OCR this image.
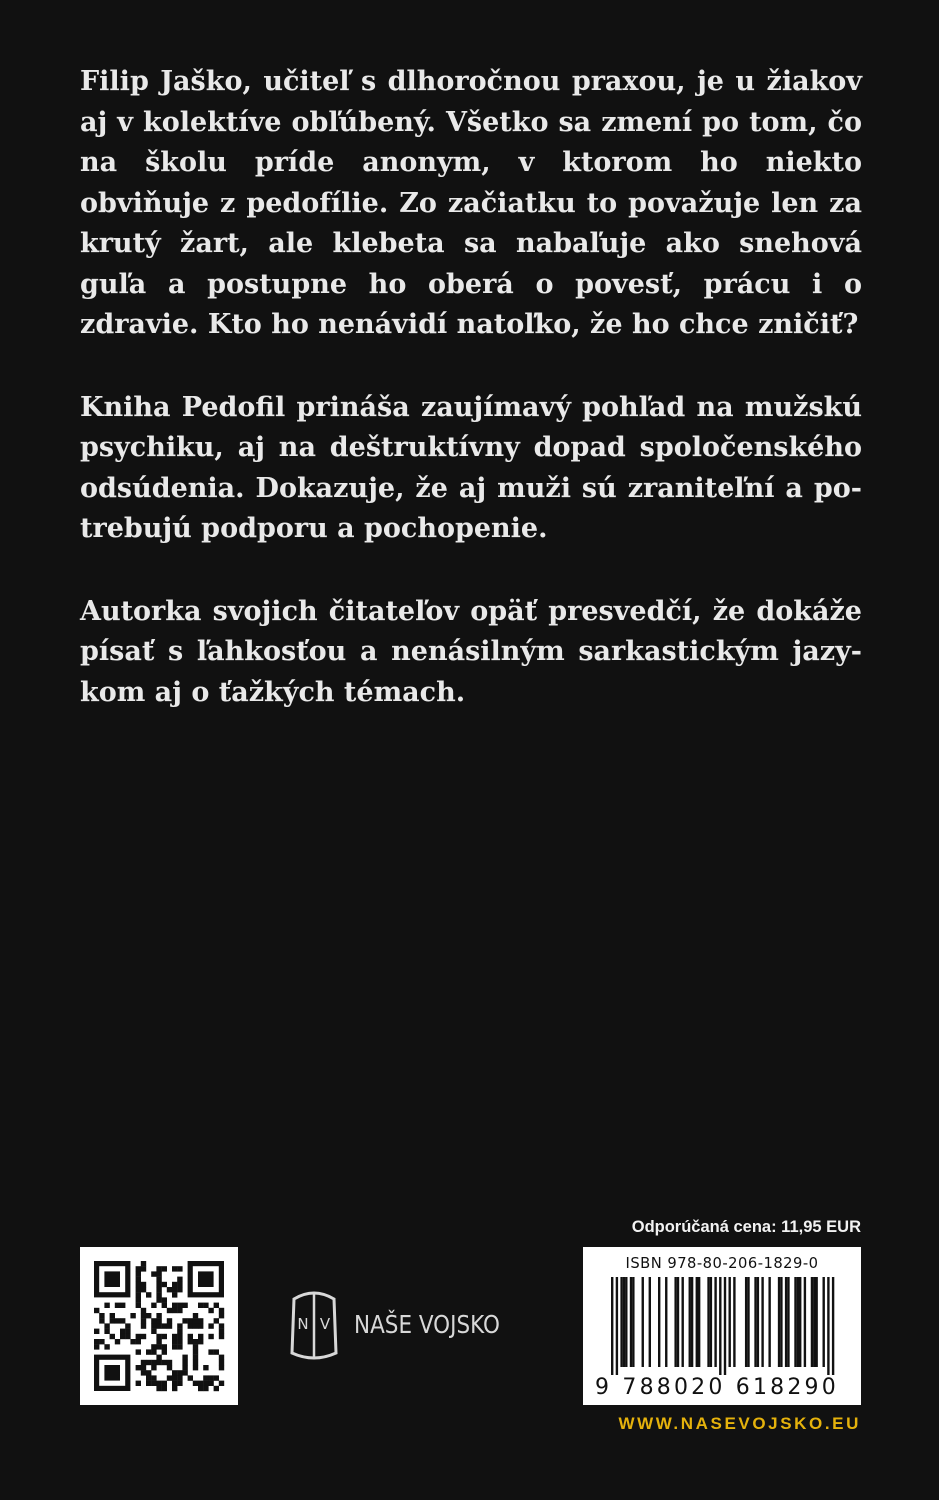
Filip Jaško, učiteľ s dlhoročnou praxou, je u žiakov aj v kolektíve obľúbený. Všetko sa zmení po tom, čo na školu príde anonym, v ktorom ho niekto obviňuje z pedofílie. Zo začiatku to považuje len za krutý žart, ale klebeta sa nabaľuje ako snehová guľa a postupne ho oberá o povesť, prácu i o zdravie. Kto ho nenávidí natoľko, že ho chce zničiť?

Kniha Pedofil prináša zaujímavý pohľad na mužskú psychiku, aj na deštruktívny dopad spoločenského odsúdenia. Dokazuje, že aj muži sú zraniteľní a potrebujú podporu a pochopenie.

Autorka svojich čitateľov opäť presvedčí, že dokáže písať s ľahkosťou a nenásilným sarkastickým jazykom aj o ťažkých témach.

N V NAŠE VOJSKO
Odporúčaná cena: 11,95 EUR
ISBN 978-80-206-1829-0
9 788020 618290
WWW.NASEVOJSKO.EU
